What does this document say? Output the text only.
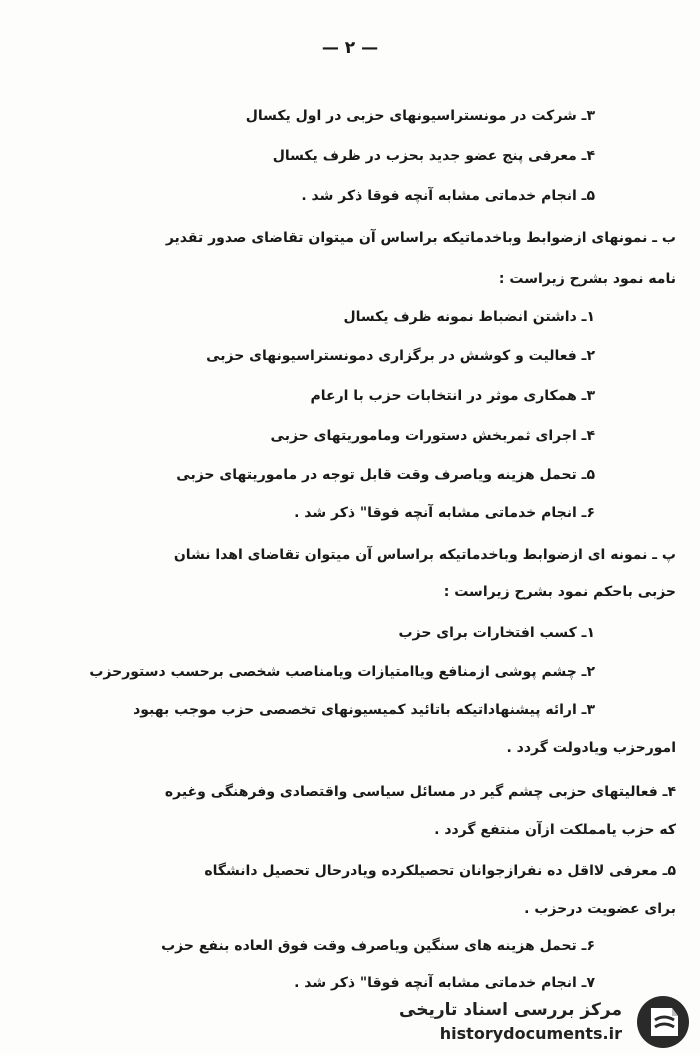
— ۲ —
۳ـ شرکت در مونستراسیونهای حزبی در اول یکسال
۴ـ معرفی پنج عضو جدید بحزب در ظرف یکسال
۵ـ انجام خدماتی مشابه آنچه فوقا ذکر شد .
ب ـ نمونهای ازضوابط وباخدماتیکه براساس آن میتوان تقاضای صدور تقدیر
نامه نمود بشرح زیراست :
۱ـ داشتن انضباط نمونه ظرف یکسال
۲ـ فعالیت و کوشش در برگزاری دمونستراسیونهای حزبی
۳ـ همکاری موثر در انتخابات حزب با ارعام
۴ـ اجرای ثمربخش دستورات وماموریتهای حزبی
۵ـ تحمل هزینه ویاصرف وقت قابل توجه در ماموریتهای حزبی
۶ـ انجام خدماتی مشابه آنچه فوقا" ذکر شد .
پ ـ نمونه ای ازضوابط وباخدماتیکه براساس آن میتوان تقاضای اهدا نشان
حزبی باحکم نمود بشرح زیراست :
۱ـ کسب افتخارات برای حزب
۲ـ چشم پوشی ازمنافع ویاامتیازات ویامناصب شخصی برحسب دستورحزب
۳ـ ارائه پیشنهاداتیکه باتائید کمیسیونهای تخصصی حزب موجب بهبود
امورحزب ویادولت گردد .
۴ـ فعالیتهای حزبی چشم گیر در مسائل سیاسی واقتصادی وفرهنگی وغیره
که حزب یامملکت ازآن منتفع گردد .
۵ـ معرفی لااقل ده نفرازجوانان تحصیلکرده ویادرحال تحصیل دانشگاه
برای عضویت درحزب .
۶ـ تحمل هزینه های سنگین ویاصرف وقت فوق العاده بنفع حزب
۷ـ انجام خدماتی مشابه آنچه فوقا" ذکر شد .
مرکز بررسی اسناد تاریخی
historydocuments.ir
